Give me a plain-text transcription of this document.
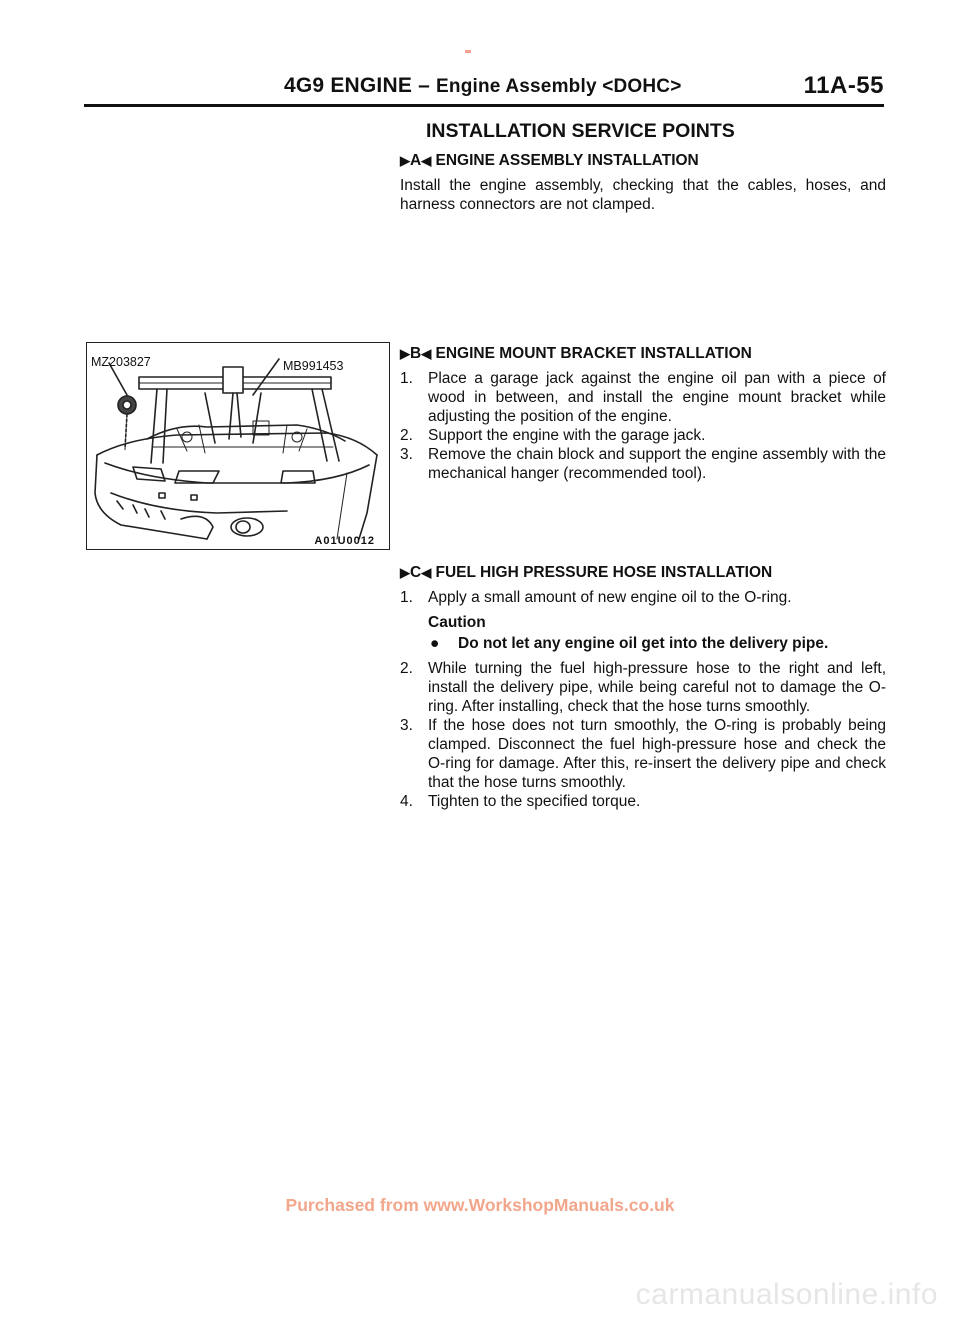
4G9 ENGINE – Engine Assembly <DOHC>	11A-55
INSTALLATION SERVICE POINTS
▶A◀ ENGINE ASSEMBLY INSTALLATION

Install the engine assembly, checking that the cables, hoses, and harness connectors are not clamped.

MZ203827	MB991453
A01U0012
▶B◀ ENGINE MOUNT BRACKET INSTALLATION
1. Place a garage jack against the engine oil pan with a piece of wood in between, and install the engine mount bracket while adjusting the position of the engine.
2. Support the engine with the garage jack.
3. Remove the chain block and support the engine assembly with the mechanical hanger (recommended tool).
▶C◀ FUEL HIGH PRESSURE HOSE INSTALLATION
1. Apply a small amount of new engine oil to the O-ring.
Caution
● Do not let any engine oil get into the delivery pipe.
2. While turning the fuel high-pressure hose to the right and left, install the delivery pipe, while being careful not to damage the O-ring. After installing, check that the hose turns smoothly.
3. If the hose does not turn smoothly, the O-ring is probably being clamped. Disconnect the fuel high-pressure hose and check the O-ring for damage. After this, re-insert the delivery pipe and check that the hose turns smoothly.
4. Tighten to the specified torque.
Purchased from www.WorkshopManuals.co.uk
carmanualsonline.info
